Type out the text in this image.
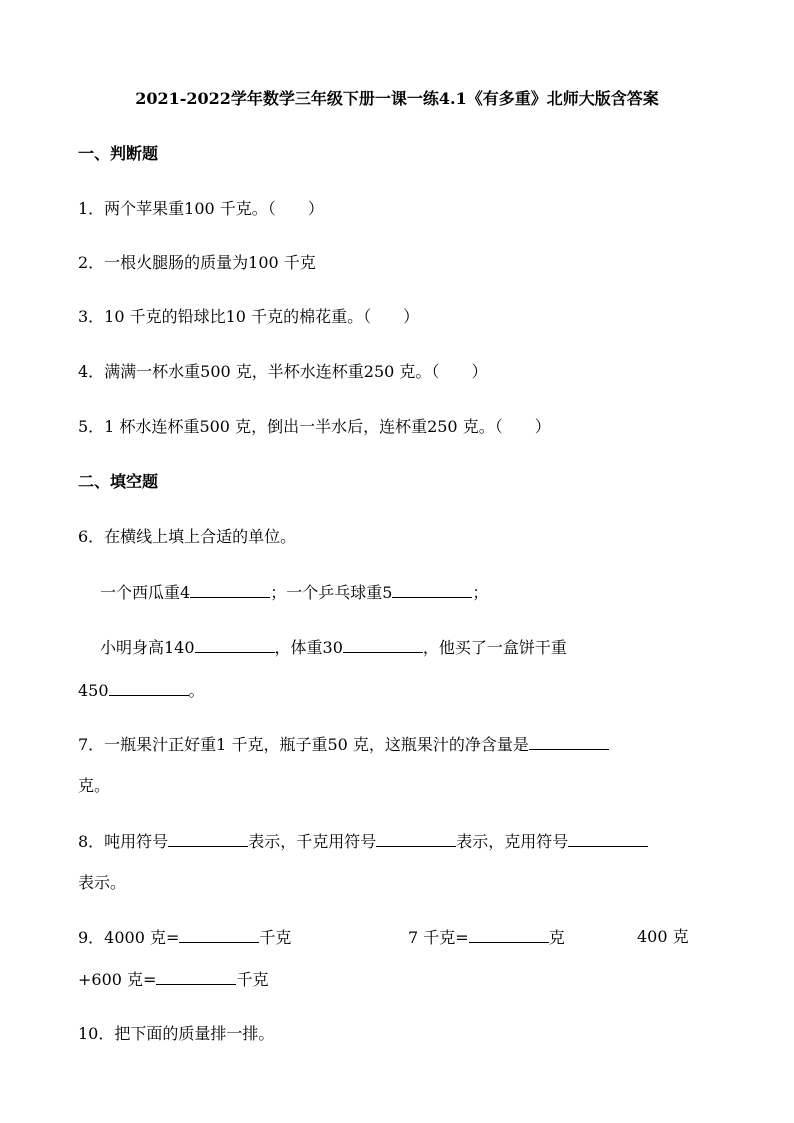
2021-2022学年数学三年级下册一课一练4.1《有多重》北师大版含答案
一、判断题
1．两个苹果重100 千克。（ ）
2．一根火腿肠的质量为100 千克
3．10 千克的铅球比10 千克的棉花重。（ ）
4．满满一杯水重500 克，半杯水连杯重250 克。（ ）
5．1 杯水连杯重500 克，倒出一半水后，连杯重250 克。（ ）
二、填空题
6．在横线上填上合适的单位。
一个西瓜重4	；一个乒乓球重5	；
小明身高140	，体重30	，他买了一盒饼干重
450	。
7．一瓶果汁正好重1 千克，瓶子重50 克，这瓶果汁的净含量是
克。
8．吨用符号	表示，千克用符号	表示，克用符号
表示。
9．4000 克=	千克	7 千克=	克	400 克
+600 克=	千克
10．把下面的质量排一排。
